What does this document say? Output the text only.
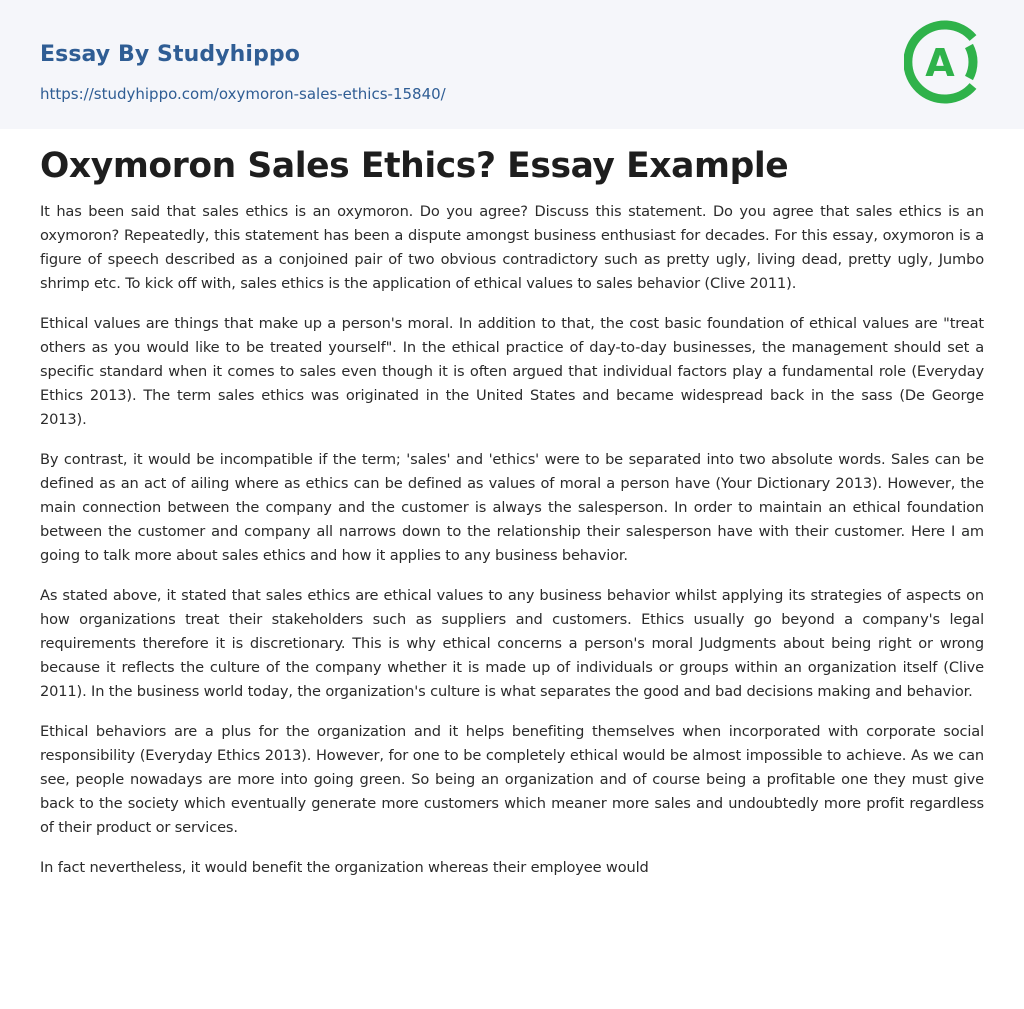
Essay By Studyhippo
https://studyhippo.com/oxymoron-sales-ethics-15840/
A
Oxymoron Sales Ethics? Essay Example

It has been said that sales ethics is an oxymoron. Do you agree? Discuss this statement. Do you agree that sales ethics is an oxymoron? Repeatedly, this statement has been a dispute amongst business enthusiast for decades. For this essay, oxymoron is a figure of speech described as a conjoined pair of two obvious contradictory such as pretty ugly, living dead, pretty ugly, Jumbo shrimp etc. To kick off with, sales ethics is the application of ethical values to sales behavior (Clive 2011).

Ethical values are things that make up a person's moral. In addition to that, the cost basic foundation of ethical values are "treat others as you would like to be treated yourself". In the ethical practice of day-to-day businesses, the management should set a specific standard when it comes to sales even though it is often argued that individual factors play a fundamental role (Everyday Ethics 2013). The term sales ethics was originated in the United States and became widespread back in the sass (De George 2013).

By contrast, it would be incompatible if the term; 'sales' and 'ethics' were to be separated into two absolute words. Sales can be defined as an act of ailing where as ethics can be defined as values of moral a person have (Your Dictionary 2013). However, the main connection between the company and the customer is always the salesperson. In order to maintain an ethical foundation between the customer and company all narrows down to the relationship their salesperson have with their customer. Here I am going to talk more about sales ethics and how it applies to any business behavior.

As stated above, it stated that sales ethics are ethical values to any business behavior whilst applying its strategies of aspects on how organizations treat their stakeholders such as suppliers and customers. Ethics usually go beyond a company's legal requirements therefore it is discretionary. This is why ethical concerns a person's moral Judgments about being right or wrong because it reflects the culture of the company whether it is made up of individuals or groups within an organization itself (Clive 2011). In the business world today, the organization's culture is what separates the good and bad decisions making and behavior.

Ethical behaviors are a plus for the organization and it helps benefiting themselves when incorporated with corporate social responsibility (Everyday Ethics 2013). However, for one to be completely ethical would be almost impossible to achieve. As we can see, people nowadays are more into going green. So being an organization and of course being a profitable one they must give back to the society which eventually generate more customers which meaner more sales and undoubtedly more profit regardless of their product or services.

In fact nevertheless, it would benefit the organization whereas their employee would
